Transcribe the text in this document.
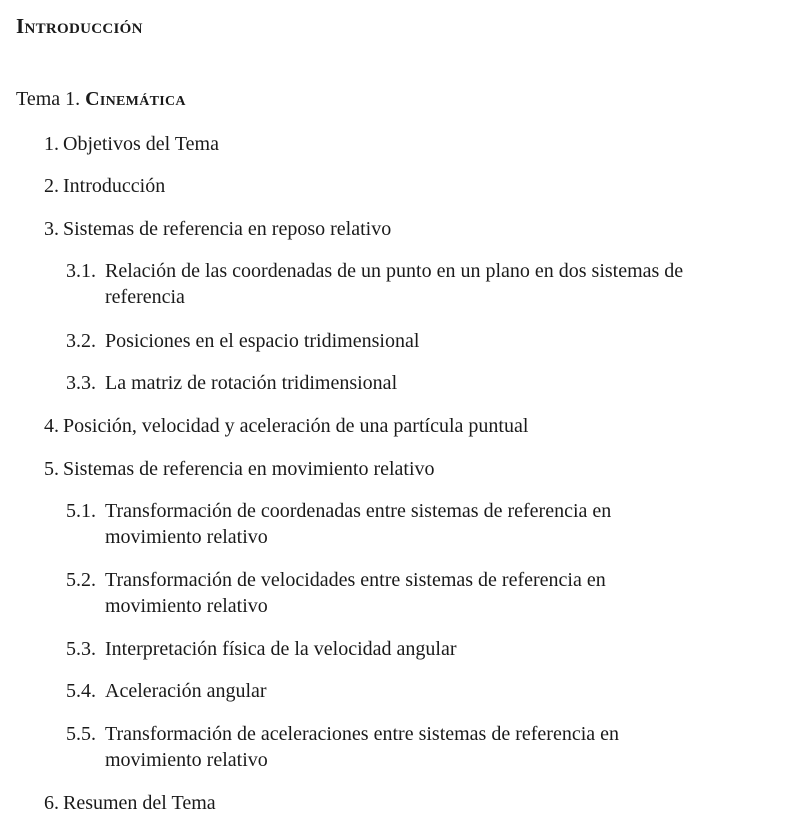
Introducción

Tema 1. Cinemática

1. Objetivos del Tema
2. Introducción
3. Sistemas de referencia en reposo relativo
3.1. Relación de las coordenadas de un punto en un plano en dos sistemas de referencia
3.2. Posiciones en el espacio tridimensional
3.3. La matriz de rotación tridimensional
4. Posición, velocidad y aceleración de una partícula puntual
5. Sistemas de referencia en movimiento relativo
5.1. Transformación de coordenadas entre sistemas de referencia en movimiento relativo
5.2. Transformación de velocidades entre sistemas de referencia en movimiento relativo
5.3. Interpretación física de la velocidad angular
5.4. Aceleración angular
5.5. Transformación de aceleraciones entre sistemas de referencia en movimiento relativo
6. Resumen del Tema
